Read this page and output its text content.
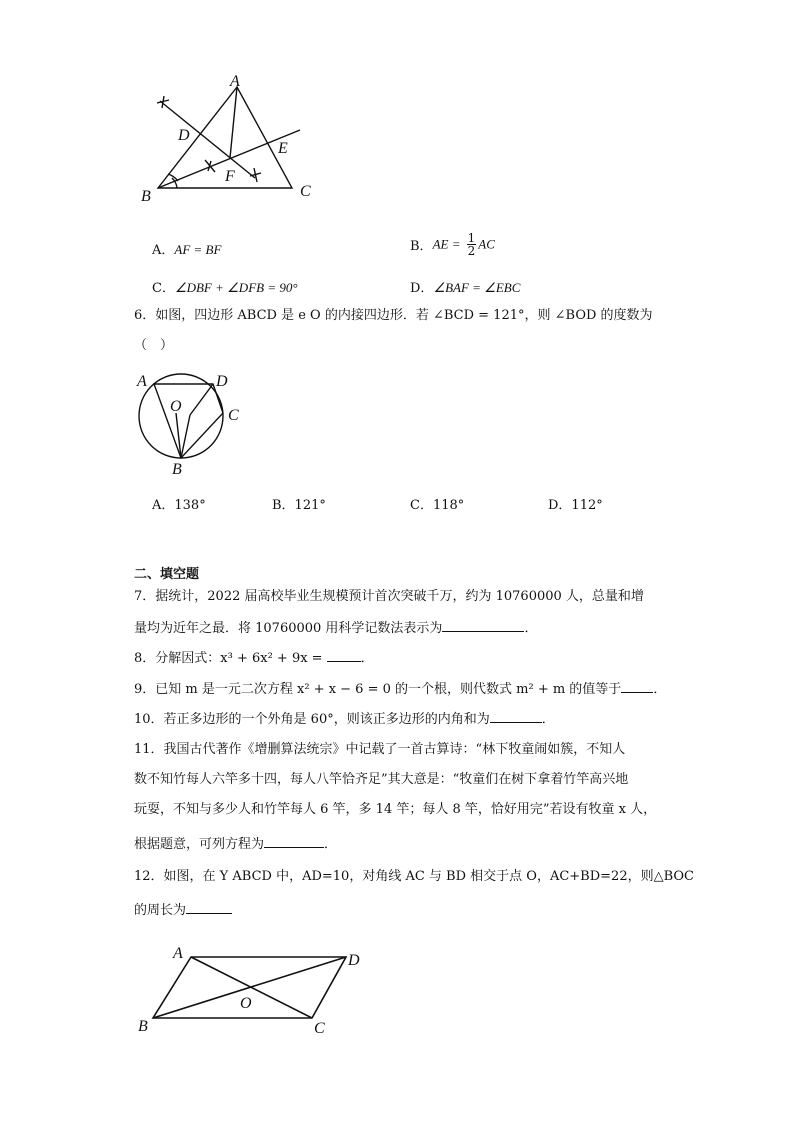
A
B	C
D
E
F
A．AF = BF	B．AE = $\frac{1}{2}$ AC
C．∠DBF + ∠DFB = 90°	D．∠BAF = ∠EBC
6．如图，四边形 ABCD 是 e O 的内接四边形．若 ∠BCD = 121°，则 ∠BOD 的度数为
（　）
A	D
C
O
B
A．138°	B．121°	C．118°	D．112°
二、填空题
7．据统计，2022 届高校毕业生规模预计首次突破千万，约为 10760000 人，总量和增
量均为近年之最．将 10760000 用科学记数法表示为	．
8．分解因式：x³ + 6x² + 9x =	．
9．已知 m 是一元二次方程 x² + x − 6 = 0 的一个根，则代数式 m² + m 的值等于 ．
10．若正多边形的一个外角是 60°，则该正多边形的内角和为	．
11．我国古代著作《增删算法统宗》中记载了一首古算诗：“林下牧童闹如簇，不知人
数不知竹每人六竿多十四，每人八竿恰齐足”其大意是：“牧童们在树下拿着竹竿高兴地
玩耍，不知与多少人和竹竿每人 6 竿，多 14 竿；每人 8 竿，恰好用完”若设有牧童 x 人，
根据题意，可列方程为	．
12．如图，在 Y ABCD 中，AD=10，对角线 AC 与 BD 相交于点 O，AC+BD=22，则△BOC
的周长为
A	D
B	C
O
